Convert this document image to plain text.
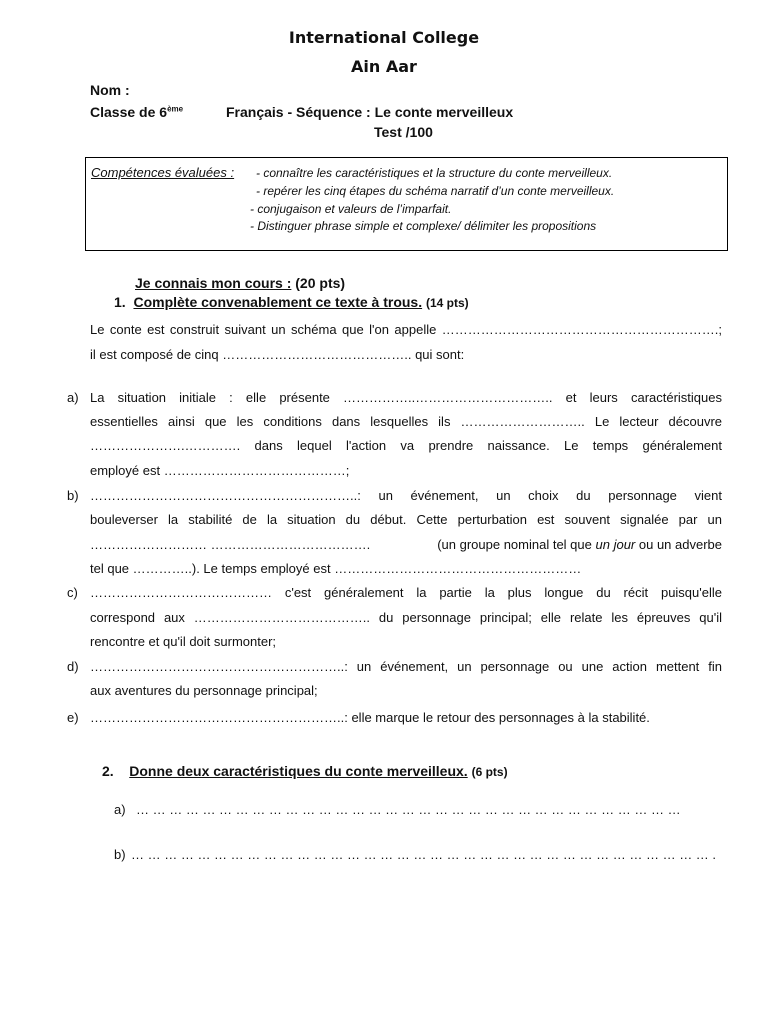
International College
Ain Aar
Nom :
Classe de 6ème	Français - Séquence : Le conte merveilleux
Test /100
Compétences évaluées : - connaître les caractéristiques et la structure du conte merveilleux.
- repérer les cinq étapes du schéma narratif d’un conte merveilleux.
- conjugaison et valeurs de l’imparfait.
- Distinguer phrase simple et complexe/ délimiter les propositions
Je connais mon cours : (20 pts)
1. Complète convenablement ce texte à trous. (14 pts)
Le conte est construit suivant un schéma que l'on appelle ……………………………………………………….;
il est composé de cinq …………………………………….. qui sont:
a) La situation initiale : elle présente ……………..………………………….. et leurs caractéristiques
essentielles ainsi que les conditions dans lesquelles ils ……………………….. Le lecteur découvre
………………….…………. dans lequel l'action va prendre naissance. Le temps généralement
employé est ……………………………………;
b) ……………………………………………………..: un événement, un choix du personnage vient
bouleverser la stabilité de la situation du début. Cette perturbation est souvent signalée par un
……………………… ……………………………….	(un groupe nominal tel que un jour ou un adverbe
tel que …………..). Le temps employé est …………………………………………………
c) …………………………………… c'est généralement la partie la plus longue du récit puisqu'elle
correspond aux ………………………………….. du personnage principal; elle relate les épreuves qu'il
rencontre et qu'il doit surmonter;
d) …………………………………………………..: un événement, un personnage ou une action mettent fin
aux aventures du personnage principal;
e) …………………………………………………..: elle marque le retour des personnages à la stabilité.
2. Donne deux caractéristiques du conte merveilleux. (6 pts)
a) … … … … … … … … … … … … … … … … … … … … … … … … … … … … … … … … …
b) … … … … … … … … … … … … … … … … … … … … … … … … … … … … … … … … … … … .
